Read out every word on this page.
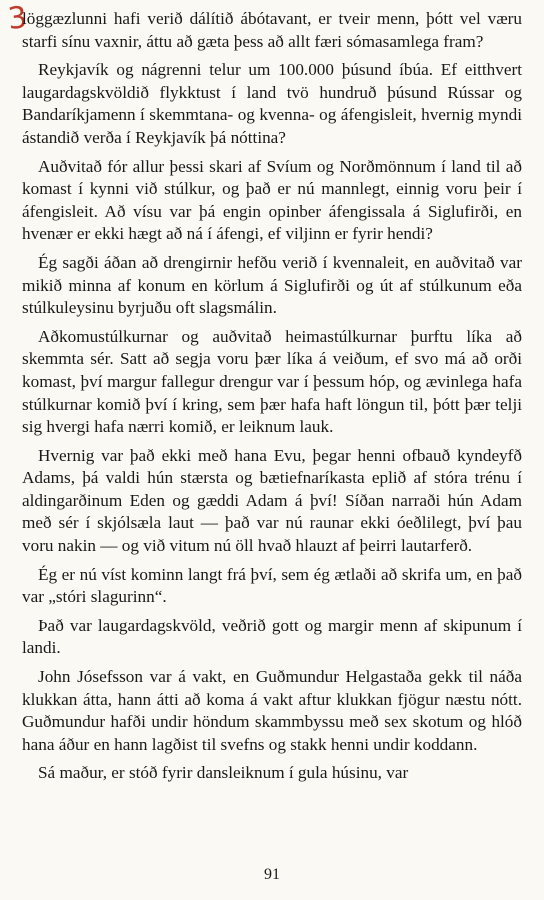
3

löggæzlunni hafi verið dálítið ábótavant, er tveir menn, þótt vel væru starfi sínu vaxnir, áttu að gæta þess að allt færi sómasamlega fram?

Reykjavík og nágrenni telur um 100.000 þúsund íbúa. Ef eitthvert laugardagskvöldið flykktust í land tvö hundruð þúsund Rússar og Bandaríkjamenn í skemmtana- og kvenna- og áfengisleit, hvernig myndi ástandið verða í Reykjavík þá nóttina?

Auðvitað fór allur þessi skari af Svíum og Norðmönnum í land til að komast í kynni við stúlkur, og það er nú mannlegt, einnig voru þeir í áfengisleit. Að vísu var þá engin opinber áfengissala á Siglufirði, en hvenær er ekki hægt að ná í áfengi, ef viljinn er fyrir hendi?

Ég sagði áðan að drengirnir hefðu verið í kvennaleit, en auðvitað var mikið minna af konum en körlum á Siglufirði og út af stúlkunum eða stúlkuleysinu byrjuðu oft slagsmálin.

Aðkomustúlkurnar og auðvitað heimastúlkurnar þurftu líka að skemmta sér. Satt að segja voru þær líka á veiðum, ef svo má að orði komast, því margur fallegur drengur var í þessum hóp, og ævinlega hafa stúlkurnar komið því í kring, sem þær hafa haft löngun til, þótt þær telji sig hvergi hafa nærri komið, er leiknum lauk.

Hvernig var það ekki með hana Evu, þegar henni ofbauð kyndeyfð Adams, þá valdi hún stærsta og bætiefnaríkasta eplið af stóra trénu í aldingarðinum Eden og gæddi Adam á því! Síðan narraði hún Adam með sér í skjólsæla laut — það var nú raunar ekki óeðlilegt, því þau voru nakin — og við vitum nú öll hvað hlauzt af þeirri lautarferð.

Ég er nú víst kominn langt frá því, sem ég ætlaði að skrifa um, en það var „stóri slagurinn“.

Það var laugardagskvöld, veðrið gott og margir menn af skipunum í landi.

John Jósefsson var á vakt, en Guðmundur Helgastaða gekk til náða klukkan átta, hann átti að koma á vakt aftur klukkan fjögur næstu nótt. Guðmundur hafði undir höndum skammbyssu með sex skotum og hlóð hana áður en hann lagðist til svefns og stakk henni undir koddann.

Sá maður, er stóð fyrir dansleiknum í gula húsinu, var

91
